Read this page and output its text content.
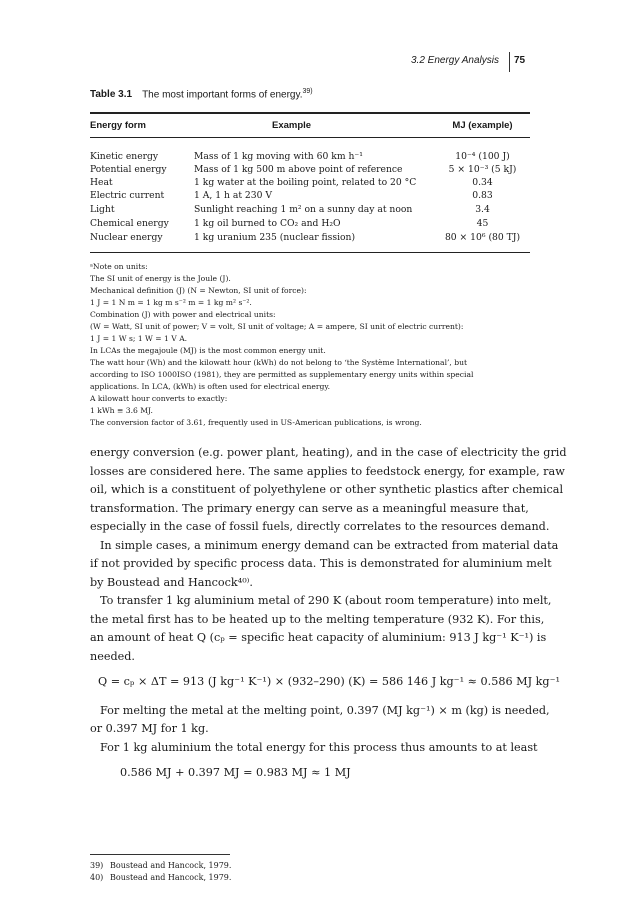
3.2 Energy Analysis 75
Table 3.1 The most important forms of energy.$^{39)}$
Energy form	Example	MJ (example)
Kinetic energy	Mass of 1 kg moving with 60 km h⁻¹	10⁻⁴ (100 J)
Potential energy	Mass of 1 kg 500 m above point of reference	5 × 10⁻³ (5 kJ)
Heat	1 kg water at the boiling point, related to 20 °C	0.34
Electric current	1 A, 1 h at 230 V	0.83
Light	Sunlight reaching 1 m² on a sunny day at noon	3.4
Chemical energy	1 kg oil burned to CO₂ and H₂O	45
Nuclear energy	1 kg uranium 235 (nuclear fission)	80 × 10⁶ (80 TJ)
ᵃNote on units:
The SI unit of energy is the Joule (J).
Mechanical definition (J) (N = Newton, SI unit of force):
1 J = 1 N m = 1 kg m s⁻² m = 1 kg m² s⁻².
Combination (J) with power and electrical units:
(W = Watt, SI unit of power; V = volt, SI unit of voltage; A = ampere, SI unit of electric current):
1 J = 1 W s; 1 W = 1 V A.
In LCAs the megajoule (MJ) is the most common energy unit.
The watt hour (Wh) and the kilowatt hour (kWh) do not belong to ‘the Système International’, but
according to ISO 1000ISO (1981), they are permitted as supplementary energy units within special
applications. In LCA, (kWh) is often used for electrical energy.
A kilowatt hour converts to exactly:
1 kWh ≡ 3.6 MJ.
The conversion factor of 3.61, frequently used in US-American publications, is wrong.
energy conversion (e.g. power plant, heating), and in the case of electricity the grid
losses are considered here. The same applies to feedstock energy, for example, raw
oil, which is a constituent of polyethylene or other synthetic plastics after chemical
transformation. The primary energy can serve as a meaningful measure that,
especially in the case of fossil fuels, directly correlates to the resources demand.
In simple cases, a minimum energy demand can be extracted from material data
if not provided by specific process data. This is demonstrated for aluminium melt
by Boustead and Hancock⁴⁰⁾.
To transfer 1 kg aluminium metal of 290 K (about room temperature) into melt,
the metal first has to be heated up to the melting temperature (932 K). For this,
an amount of heat Q (cₚ = specific heat capacity of aluminium: 913 J kg⁻¹ K⁻¹) is
needed.
Q = cₚ × ΔT = 913 (J kg⁻¹ K⁻¹) × (932–290) (K) = 586 146 J kg⁻¹ ≈ 0.586 MJ kg⁻¹
For melting the metal at the melting point, 0.397 (MJ kg⁻¹) × m (kg) is needed,
or 0.397 MJ for 1 kg.
For 1 kg aluminium the total energy for this process thus amounts to at least
0.586 MJ + 0.397 MJ = 0.983 MJ ≈ 1 MJ
39) Boustead and Hancock, 1979.
40) Boustead and Hancock, 1979.
